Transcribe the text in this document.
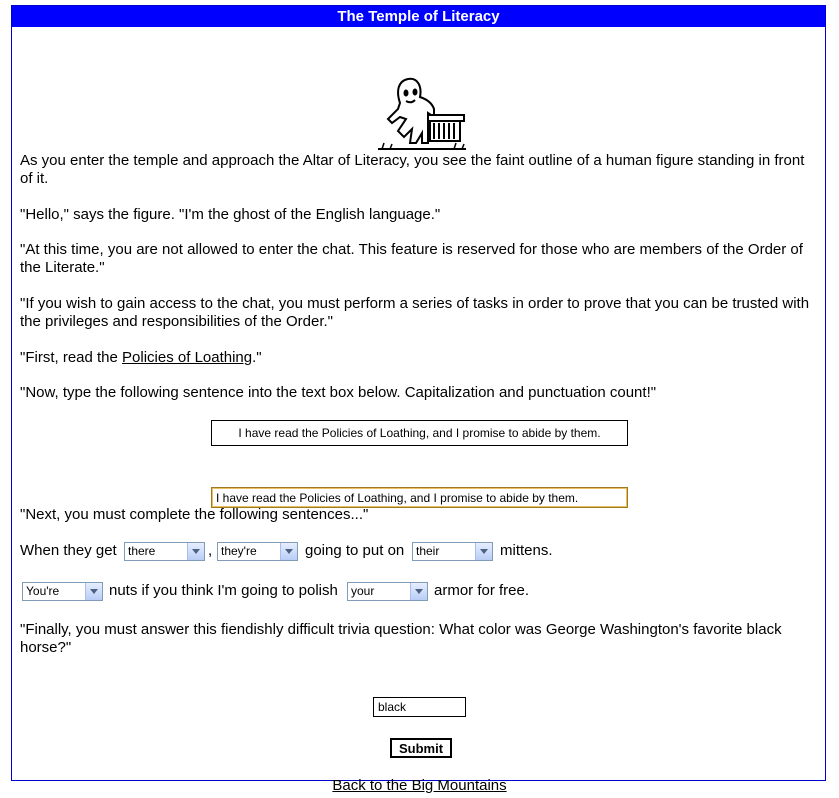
The Temple of Literacy

As you enter the temple and approach the Altar of Literacy, you see the faint outline of a human figure standing in front of it.

"Hello," says the figure. "I'm the ghost of the English language."

"At this time, you are not allowed to enter the chat. This feature is reserved for those who are members of the Order of the Literate."

"If you wish to gain access to the chat, you must perform a series of tasks in order to prove that you can be trusted with the privileges and responsibilities of the Order."

"First, read the Policies of Loathing."

"Now, type the following sentence into the text box below. Capitalization and punctuation count!"

I have read the Policies of Loathing, and I promise to abide by them.
I have read the Policies of Loathing, and I promise to abide by them.

"Next, you must complete the following sentences..."

When they get there	, they're	going to put on their	mittens.
You're	nuts if you think I'm going to polish	your	armor for free.

"Finally, you must answer this fiendishly difficult trivia question: What color was George Washington's favorite black horse?"

black
Submit
Back to the Big Mountains
